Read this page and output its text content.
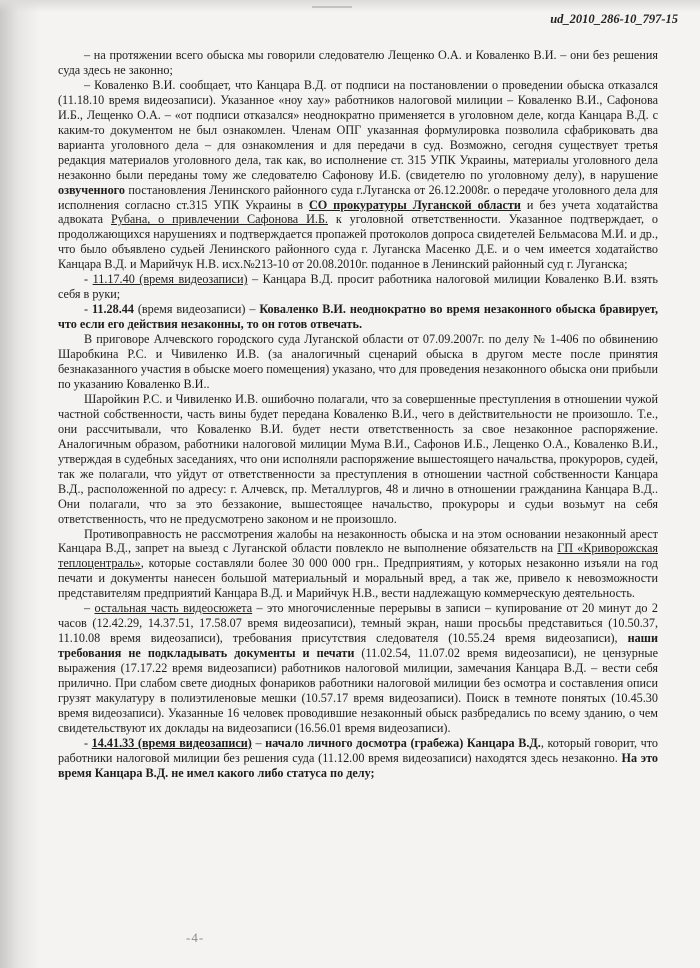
ud_2010_286-10_797-15

– на протяжении всего обыска мы говорили следователю Лещенко О.А. и Коваленко В.И. – они без решения суда здесь не законно;

– Коваленко В.И. сообщает, что Канцара В.Д. от подписи на постановлении о проведении обыска отказался (11.18.10 время видеозаписи). Указанное «ноу хау» работников налоговой милиции – Коваленко В.И., Сафонова И.Б., Лещенко О.А. – «от подписи отказался» неоднократно применяется в уголовном деле, когда Канцара В.Д. с каким-то документом не был ознакомлен. Членам ОПГ указанная формулировка позволила сфабриковать два варианта уголовного дела – для ознакомления и для передачи в суд. Возможно, сегодня существует третья редакция материалов уголовного дела, так как, во исполнение ст. 315 УПК Украины, материалы уголовного дела незаконно были переданы тому же следователю Сафонову И.Б. (свидетелю по уголовному делу), в нарушение озвученного постановления Ленинского районного суда г.Луганска от 26.12.2008г. о передаче уголовного дела для исполнения согласно ст.315 УПК Украины в СО прокуратуры Луганской области и без учета ходатайства адвоката Рубана, о привлечении Сафонова И.Б. к уголовной ответственности. Указанное подтверждает, о продолжающихся нарушениях и подтверждается пропажей протоколов допроса свидетелей Бельмасова М.И. и др., что было объявлено судьей Ленинского районного суда г. Луганска Масенко Д.Е. и о чем имеется ходатайство Канцара В.Д. и Марийчук Н.В. исх.№213-10 от 20.08.2010г. поданное в Ленинский районный суд г. Луганска;

- 11.17.40 (время видеозаписи) – Канцара В.Д. просит работника налоговой милиции Коваленко В.И. взять себя в руки;

- 11.28.44 (время видеозаписи) – Коваленко В.И. неоднократно во время незаконного обыска бравирует, что если его действия незаконны, то он готов отвечать.

В приговоре Алчевского городского суда Луганской области от 07.09.2007г. по делу № 1-406 по обвинению Шаробкина Р.С. и Чивиленко И.В. (за аналогичный сценарий обыска в другом месте после принятия безнаказанного участия в обыске моего помещения) указано, что для проведения незаконного обыска они прибыли по указанию Коваленко В.И..

Шаройкин Р.С. и Чивиленко И.В. ошибочно полагали, что за совершенные преступления в отношении чужой частной собственности, часть вины будет передана Коваленко В.И., чего в действительности не произошло. Т.е., они рассчитывали, что Коваленко В.И. будет нести ответственность за свое незаконное распоряжение. Аналогичным образом, работники налоговой милиции Мума В.И., Сафонов И.Б., Лещенко О.А., Коваленко В.И., утверждая в судебных заседаниях, что они исполняли распоряжение вышестоящего начальства, прокуроров, судей, так же полагали, что уйдут от ответственности за преступления в отношении частной собственности Канцара В.Д., расположенной по адресу: г. Алчевск, пр. Металлургов, 48 и лично в отношении гражданина Канцара В.Д.. Они полагали, что за это беззаконие, вышестоящее начальство, прокуроры и судьи возьмут на себя ответственность, что не предусмотрено законом и не произошло.

Противоправность не рассмотрения жалобы на незаконность обыска и на этом основании незаконный арест Канцара В.Д., запрет на выезд с Луганской области повлекло не выполнение обязательств на ГП «Криворожская теплоцентраль», которые составляли более 30 000 000 грн.. Предприятиям, у которых незаконно изъяли на год печати и документы нанесен большой материальный и моральный вред, а так же, привело к невозможности представителям предприятий Канцара В.Д. и Марийчук Н.В., вести надлежащую коммерческую деятельность.

– остальная часть видеосюжета – это многочисленные перерывы в записи – купирование от 20 минут до 2 часов (12.42.29, 14.37.51, 17.58.07 время видеозаписи), темный экран, наши просьбы представиться (10.50.37, 11.10.08 время видеозаписи), требования присутствия следователя (10.55.24 время видеозаписи), наши требования не подкладывать документы и печати (11.02.54, 11.07.02 время видеозаписи), не цензурные выражения (17.17.22 время видеозаписи) работников налоговой милиции, замечания Канцара В.Д. – вести себя прилично. При слабом свете диодных фонариков работники налоговой милиции без осмотра и составления описи грузят макулатуру в полиэтиленовые мешки (10.57.17 время видеозаписи). Поиск в темноте понятых (10.45.30 время видеозаписи). Указанные 16 человек проводившие незаконный обыск разбредались по всему зданию, о чем свидетельствуют их доклады на видеозаписи (16.56.01 время видеозаписи).

- 14.41.33 (время видеозаписи) – начало личного досмотра (грабежа) Канцара В.Д., который говорит, что работники налоговой милиции без решения суда (11.12.00 время видеозаписи) находятся здесь незаконно. На это время Канцара В.Д. не имел какого либо статуса по делу;

-4-
